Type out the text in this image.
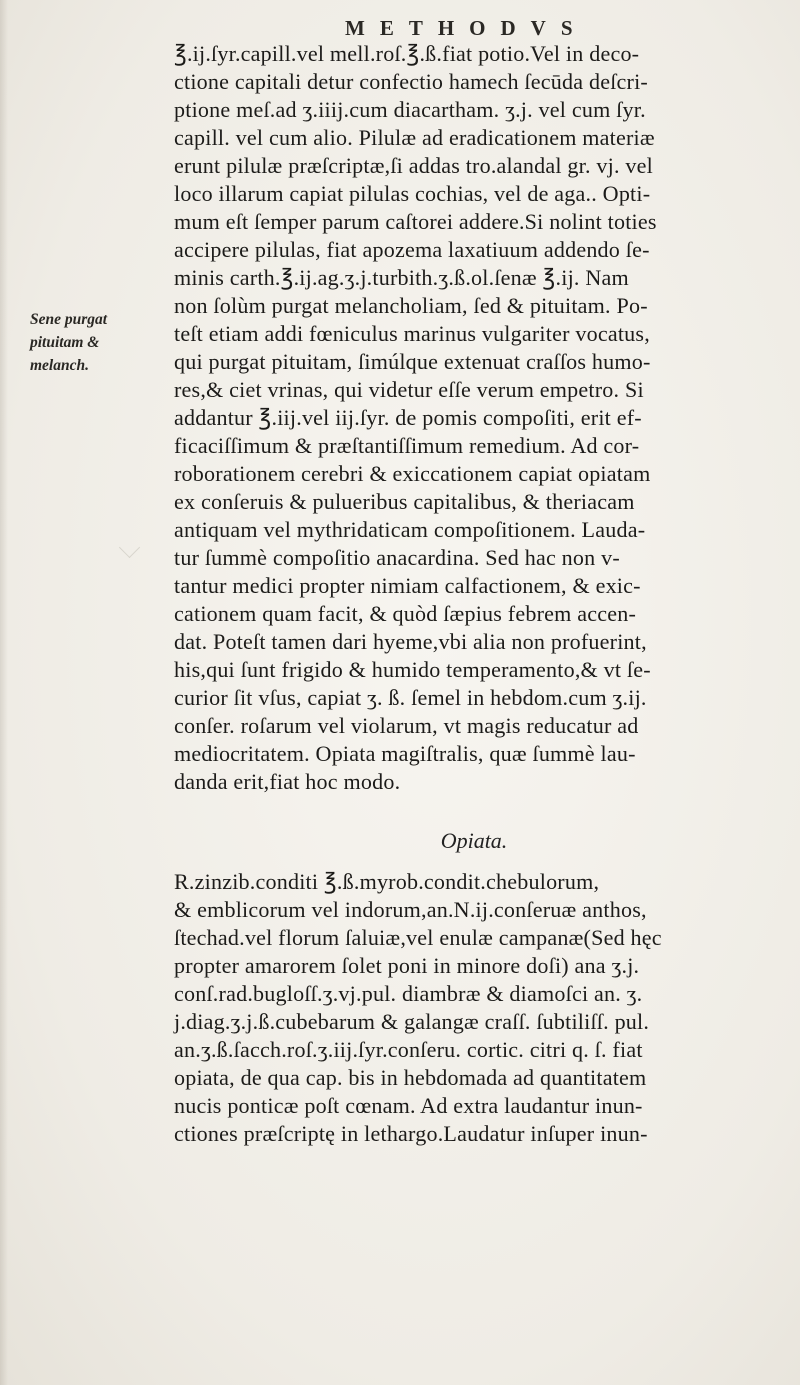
METHODVS
Sene purgat
pituitam &
melanch.
℥.ij.ſyr.capill.vel mell.roſ.℥.ß.fiat potio.Vel in deco- ctione capitali detur confectio hamech ſecūda deſcri- ptione meſ.ad ʒ.iiij.cum diacartham. ʒ.j. vel cum ſyr. capill. vel cum alio. Pilulæ ad eradicationem materiæ erunt pilulæ præſcriptæ,ſi addas tro.alandal gr. vj. vel loco illarum capiat pilulas cochias, vel de aga.. Opti- mum eſt ſemper parum caſtorei addere.Si nolint toties accipere pilulas, fiat apozema laxatiuum addendo ſe- minis carth.℥.ij.ag.ʒ.j.turbith.ʒ.ß.ol.ſenæ ℥.ij. Nam non ſolùm purgat melancholiam, ſed & pituitam. Po- teſt etiam addi fœniculus marinus vulgariter vocatus, qui purgat pituitam, ſimúlque extenuat craſſos humo- res,& ciet vrinas, qui videtur eſſe verum empetro. Si addantur ℥.iij.vel iij.ſyr. de pomis compoſiti, erit ef- ficaciſſimum & præſtantiſſimum remedium. Ad cor- roborationem cerebri & exiccationem capiat opiatam ex conſeruis & pulueribus capitalibus, & theriacam antiquam vel mythridaticam compoſitionem. Lauda- tur ſummè compoſitio anacardina. Sed hac non v- tantur medici propter nimiam calfactionem, & exic- cationem quam facit, & quòd ſæpius febrem accen- dat. Poteſt tamen dari hyeme,vbi alia non profuerint, his,qui ſunt frigido & humido temperamento,& vt ſe- curior ſit vſus, capiat ʒ. ß. ſemel in hebdom.cum ʒ.ij. conſer. roſarum vel violarum, vt magis reducatur ad mediocritatem. Opiata magiſtralis, quæ ſummè lau- danda erit,fiat hoc modo.
Opiata.
R.zinzib.conditi ℥.ß.myrob.condit.chebulorum, & emblicorum vel indorum,an.N.ij.conſeruæ anthos, ſtechad.vel florum ſaluiæ,vel enulæ campanæ(Sed hęc propter amarorem ſolet poni in minore doſi) ana ʒ.j. conſ.rad.bugloſſ.ʒ.vj.pul. diambræ & diamoſci an. ʒ. j.diag.ʒ.j.ß.cubebarum & galangæ craſſ. ſubtiliſſ. pul. an.ʒ.ß.ſacch.roſ.ʒ.iij.ſyr.conſeru. cortic. citri q. ſ. fiat opiata, de qua cap. bis in hebdomada ad quantitatem nucis ponticæ poſt cœnam. Ad extra laudantur inun- ctiones præſcriptę in lethargo.Laudatur inſuper inun-
